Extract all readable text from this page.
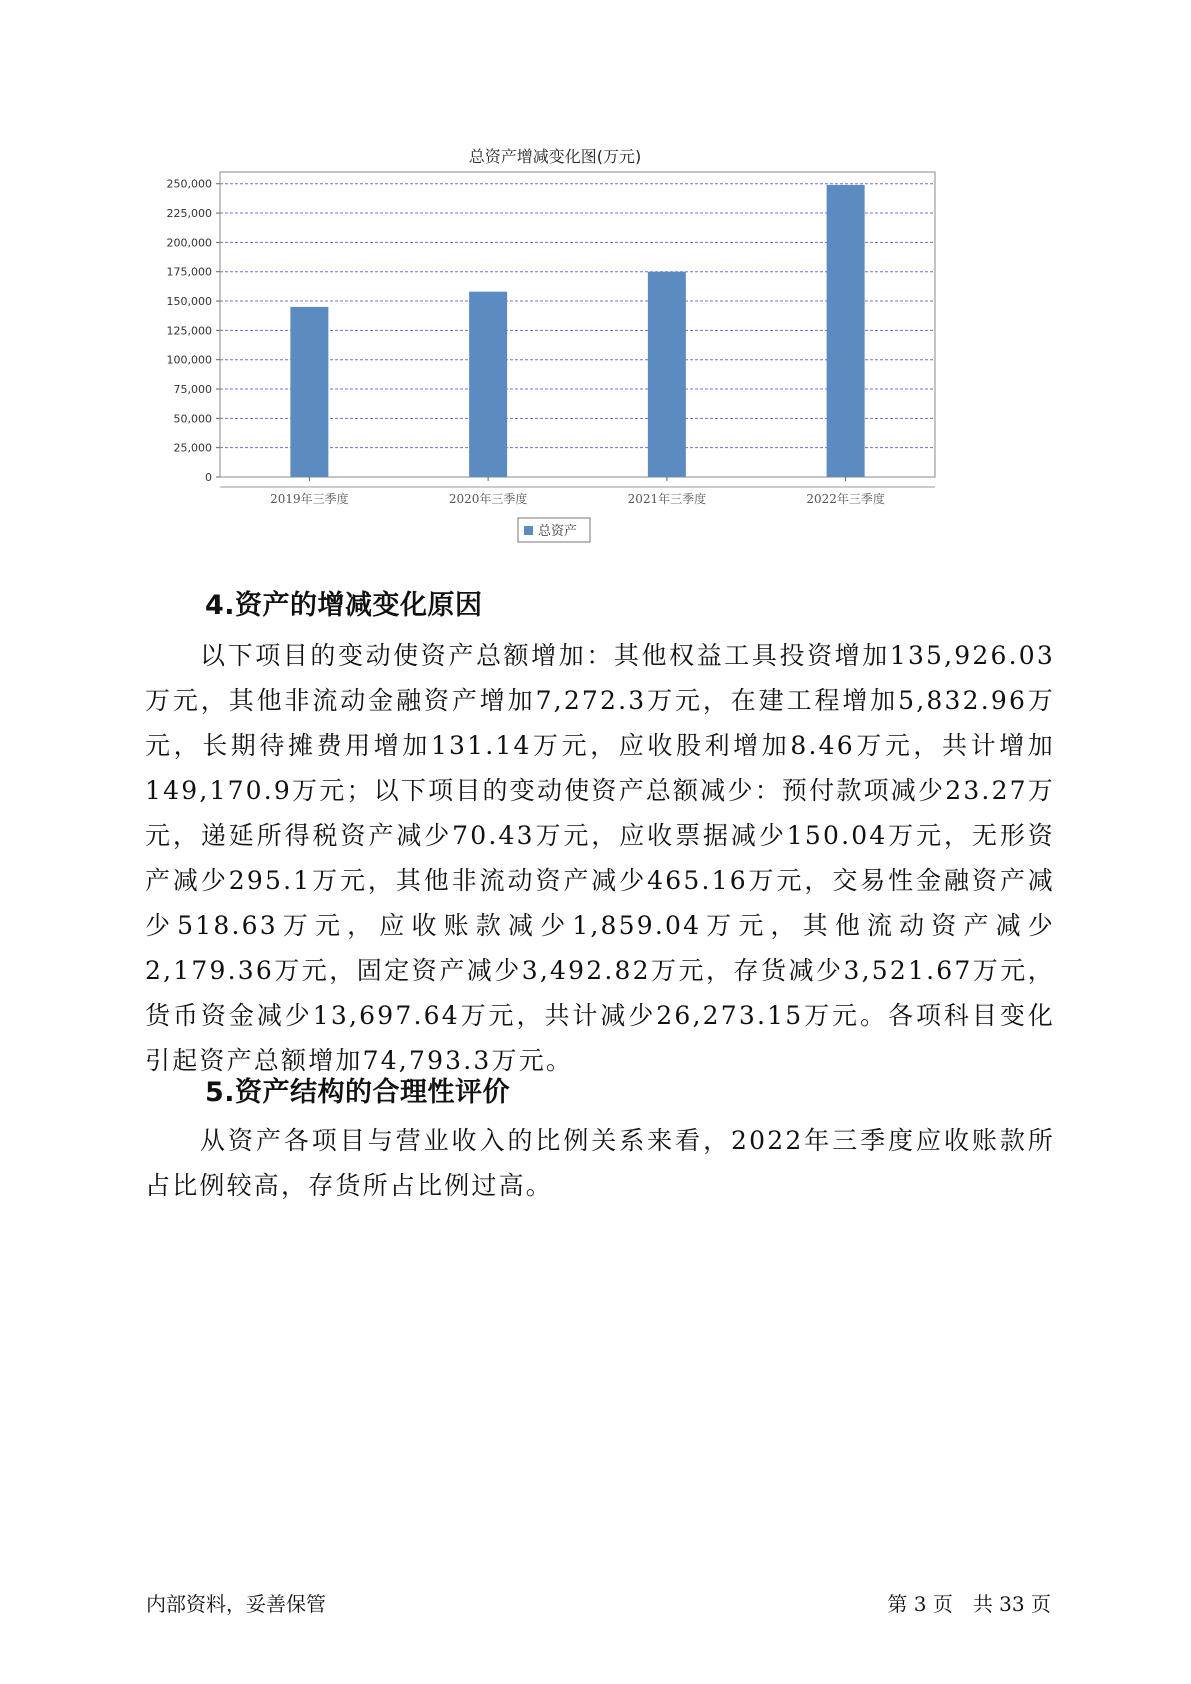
总资产增减变化图(万元)
0
25,000
50,000
75,000
100,000
125,000
150,000
175,000
200,000
225,000
250,000
2019年三季度	2020年三季度	2021年三季度	2022年三季度
总资产
4.资产的增减变化原因

以下项目的变动使资产总额增加：其他权益工具投资增加135,926.03万元，其他非流动金融资产增加7,272.3万元，在建工程增加5,832.96万元，长期待摊费用增加131.14万元，应收股利增加8.46万元，共计增加149,170.9万元；以下项目的变动使资产总额减少：预付款项减少23.27万元，递延所得税资产减少70.43万元，应收票据减少150.04万元，无形资产减少295.1万元，其他非流动资产减少465.16万元，交易性金融资产减少518.63万元，应收账款减少1,859.04万元，其他流动资产减少2,179.36万元，固定资产减少3,492.82万元，存货减少3,521.67万元，货币资金减少13,697.64万元，共计减少26,273.15万元。各项科目变化引起资产总额增加74,793.3万元。

5.资产结构的合理性评价

从资产各项目与营业收入的比例关系来看，2022年三季度应收账款所占比例较高，存货所占比例过高。

内部资料，妥善保管	第 3 页　共 33 页
